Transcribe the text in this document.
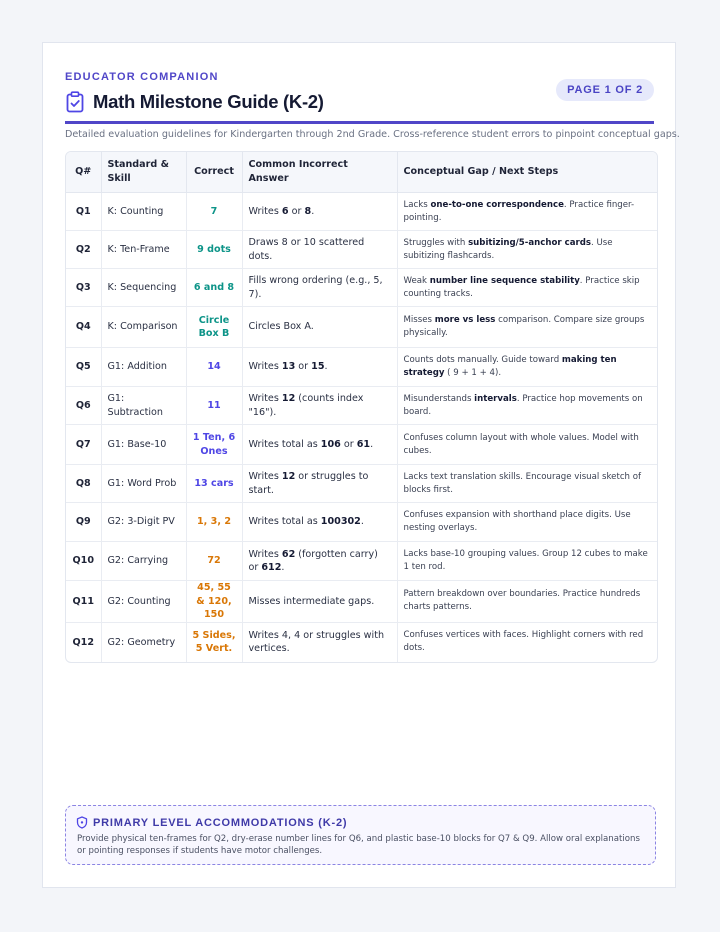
EDUCATOR COMPANION
Math Milestone Guide (K-2)
PAGE 1 OF 2
Detailed evaluation guidelines for Kindergarten through 2nd Grade. Cross-reference student errors to pinpoint conceptual gaps.
Q#	Standard & Skill	Correct	Common Incorrect Answer	Conceptual Gap / Next Steps
Q1	K: Counting	7	Writes 6 or 8.	Lacks one-to-one correspondence. Practice finger-pointing.
Q2	K: Ten-Frame	9 dots	Draws 8 or 10 scattered dots.	Struggles with subitizing/5-anchor cards. Use subitizing flashcards.
Q3	K: Sequencing	6 and 8	Fills wrong ordering (e.g., 5, 7).	Weak number line sequence stability. Practice skip counting tracks.
Q4	K: Comparison	Circle Box B	Circles Box A.	Misses more vs less comparison. Compare size groups physically.
Q5	G1: Addition	14	Writes 13 or 15.	Counts dots manually. Guide toward making ten strategy ( 9 + 1 + 4).
Q6	G1: Subtraction	11	Writes 12 (counts index "16").	Misunderstands intervals. Practice hop movements on board.
Q7	G1: Base-10	1 Ten, 6 Ones	Writes total as 106 or 61.	Confuses column layout with whole values. Model with cubes.
Q8	G1: Word Prob	13 cars	Writes 12 or struggles to start.	Lacks text translation skills. Encourage visual sketch of blocks first.
Q9	G2: 3-Digit PV	1, 3, 2	Writes total as 100302.	Confuses expansion with shorthand place digits. Use nesting overlays.
Q10	G2: Carrying	72	Writes 62 (forgotten carry) or 612.	Lacks base-10 grouping values. Group 12 cubes to make 1 ten rod.
Q11	G2: Counting	45, 55 & 120, 150	Misses intermediate gaps.	Pattern breakdown over boundaries. Practice hundreds charts patterns.
Q12	G2: Geometry	5 Sides, 5 Vert.	Writes 4, 4 or struggles with vertices.	Confuses vertices with faces. Highlight corners with red dots.
PRIMARY LEVEL ACCOMMODATIONS (K-2)
Provide physical ten-frames for Q2, dry-erase number lines for Q6, and plastic base-10 blocks for Q7 & Q9. Allow oral explanations or pointing responses if students have motor challenges.
